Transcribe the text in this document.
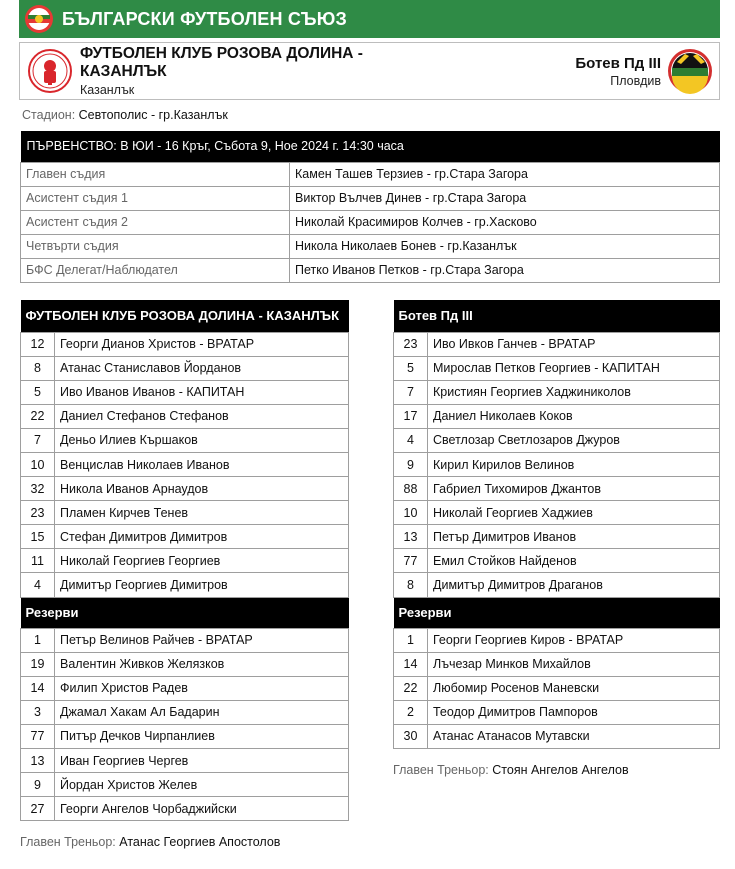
БЪЛГАРСКИ ФУТБОЛЕН СЪЮЗ
ФУТБОЛЕН КЛУБ РОЗОВА ДОЛИНА - КАЗАНЛЪК
Казанлък
Ботев Пд III
Пловдив
Стадион: Севтополис - гр.Казанлък
ПЪРВЕНСТВО: В ЮИ - 16 Кръг, Събота 9, Ное 2024 г. 14:30 часа	
Главен съдия	Камен Ташев Терзиев - гр.Стара Загора
Асистент съдия 1	Виктор Вълчев Динев - гр.Стара Загора
Асистент съдия 2	Николай Красимиров Колчев - гр.Хасково
Четвърти съдия	Никола Николаев Бонев - гр.Казанлък
БФС Делегат/Наблюдател	Петко Иванов Петков - гр.Стара Загора
ФУТБОЛЕН КЛУБ РОЗОВА ДОЛИНА - КАЗАНЛЪК	
12	Георги Дианов Христов - ВРАТАР
8	Атанас Станиславов Йорданов
5	Иво Иванов Иванов - КАПИТАН
22	Даниел Стефанов Стефанов
7	Деньо Илиев Кършаков
10	Венцислав Николаев Иванов
32	Никола Иванов Арнаудов
23	Пламен Кирчев Тенев
15	Стефан Димитров Димитров
11	Николай Георгиев Георгиев
4	Димитър Георгиев Димитров
Резерви	
1	Петър Велинов Райчев - ВРАТАР
19	Валентин Живков Желязков
14	Филип Христов Радев
3	Джамал Хакам Ал Бадарин
77	Питър Дечков Чирпанлиев
13	Иван Георгиев Чергев
9	Йордан Христов Желев
27	Георги Ангелов Чорбаджийски
Главен Треньор: Атанас Георгиев Апостолов
Ботев Пд III	
23	Иво Ивков Ганчев - ВРАТАР
5	Мирослав Петков Георгиев - КАПИТАН
7	Кристиян Георгиев Хаджиниколов
17	Даниел Николаев Коков
4	Светлозар Светлозаров Джуров
9	Кирил Кирилов Велинов
88	Габриел Тихомиров Джантов
10	Николай Георгиев Хаджиев
13	Петър Димитров Иванов
77	Емил Стойков Найденов
8	Димитър Димитров Драганов
Резерви	
1	Георги Георгиев Киров - ВРАТАР
14	Лъчезар Минков Михайлов
22	Любомир Росенов Маневски
2	Теодор Димитров Пампоров
30	Атанас Атанасов Мутавски
Главен Треньор: Стоян Ангелов Ангелов
